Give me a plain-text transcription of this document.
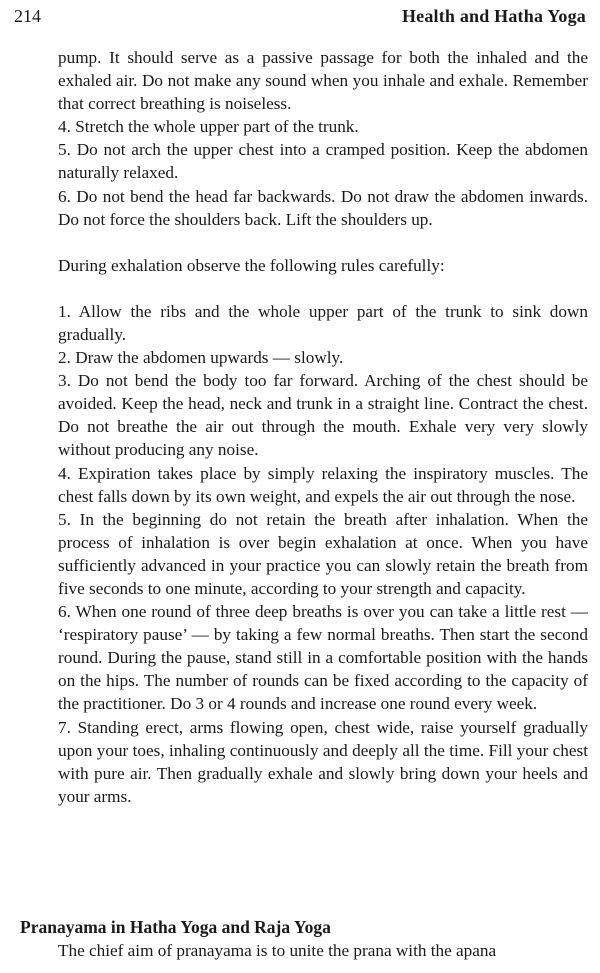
214	Health and Hatha Yoga

pump. It should serve as a passive passage for both the inhaled and the exhaled air. Do not make any sound when you inhale and exhale. Remember that correct breathing is noiseless.

4. Stretch the whole upper part of the trunk.

5. Do not arch the upper chest into a cramped position. Keep the abdomen naturally relaxed.

6. Do not bend the head far backwards. Do not draw the abdomen inwards. Do not force the shoulders back. Lift the shoulders up.

During exhalation observe the following rules carefully:

1. Allow the ribs and the whole upper part of the trunk to sink down gradually.

2. Draw the abdomen upwards — slowly.

3. Do not bend the body too far forward. Arching of the chest should be avoided. Keep the head, neck and trunk in a straight line. Contract the chest. Do not breathe the air out through the mouth. Exhale very very slowly without producing any noise.

4. Expiration takes place by simply relaxing the inspiratory muscles. The chest falls down by its own weight, and expels the air out through the nose.

5. In the beginning do not retain the breath after inhalation. When the process of inhalation is over begin exhalation at once. When you have sufficiently advanced in your practice you can slowly retain the breath from five seconds to one minute, according to your strength and capacity.

6. When one round of three deep breaths is over you can take a little rest — ‘respiratory pause’ — by taking a few normal breaths. Then start the second round. During the pause, stand still in a comfortable position with the hands on the hips. The number of rounds can be fixed according to the capacity of the practitioner. Do 3 or 4 rounds and increase one round every week.

7. Standing erect, arms flowing open, chest wide, raise yourself gradually upon your toes, inhaling continuously and deeply all the time. Fill your chest with pure air. Then gradually exhale and slowly bring down your heels and your arms.

Pranayama in Hatha Yoga and Raja Yoga

The chief aim of pranayama is to unite the prana with the apana
